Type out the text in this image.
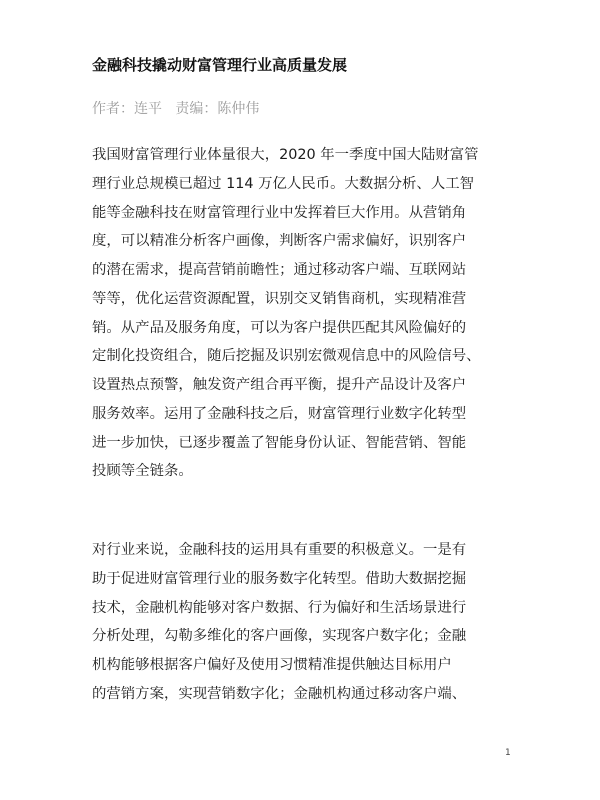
金融科技撬动财富管理行业高质量发展
作者：连平   责编：陈仲伟
我国财富管理行业体量很大，2020 年一季度中国大陆财富管
理行业总规模已超过 114 万亿人民币。大数据分析、人工智
能等金融科技在财富管理行业中发挥着巨大作用。从营销角
度，可以精准分析客户画像，判断客户需求偏好，识别客户
的潜在需求，提高营销前瞻性；通过移动客户端、互联网站
等等，优化运营资源配置，识别交叉销售商机，实现精准营
销。从产品及服务角度，可以为客户提供匹配其风险偏好的
定制化投资组合，随后挖掘及识别宏微观信息中的风险信号、
设置热点预警，触发资产组合再平衡，提升产品设计及客户
服务效率。运用了金融科技之后，财富管理行业数字化转型
进一步加快，已逐步覆盖了智能身份认证、智能营销、智能
投顾等全链条。
对行业来说，金融科技的运用具有重要的积极意义。一是有
助于促进财富管理行业的服务数字化转型。借助大数据挖掘
技术，金融机构能够对客户数据、行为偏好和生活场景进行
分析处理，勾勒多维化的客户画像，实现客户数字化；金融
机构能够根据客户偏好及使用习惯精准提供触达目标用户
的营销方案，实现营销数字化；金融机构通过移动客户端、
1
